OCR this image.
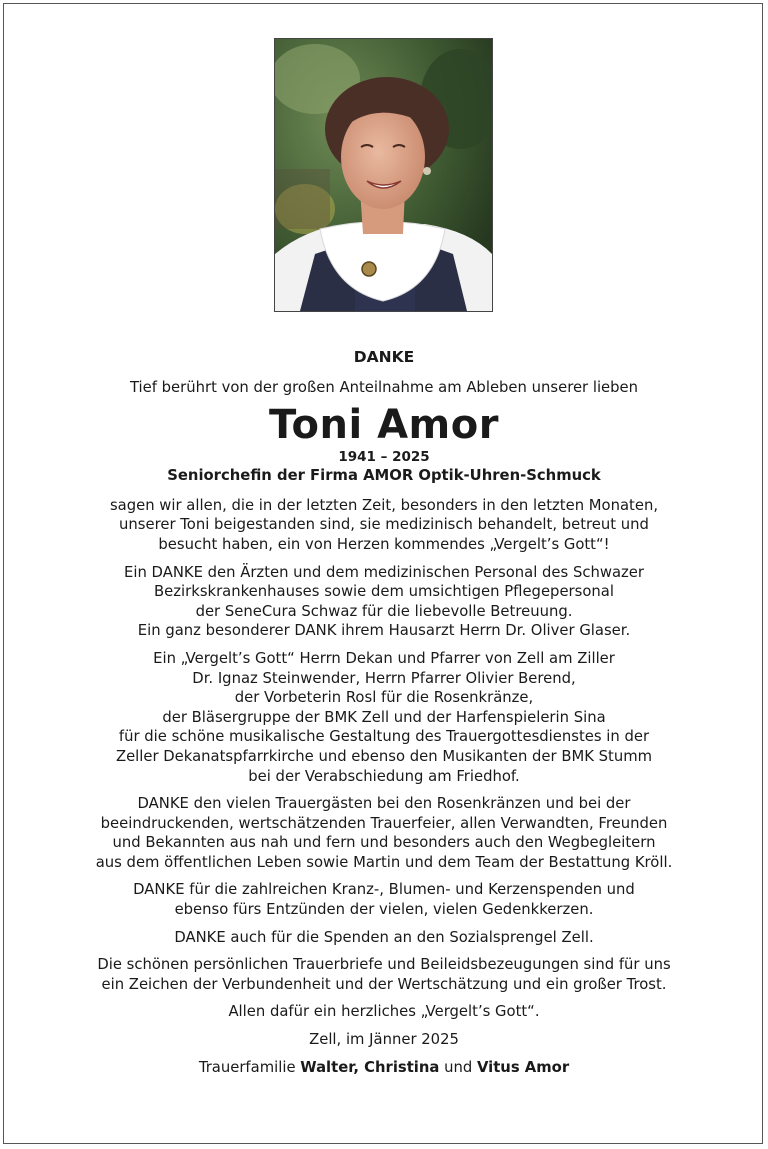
DANKE

Tief berührt von der großen Anteilnahme am Ableben unserer lieben

Toni Amor

1941 – 2025

Seniorchefin der Firma AMOR Optik-Uhren-Schmuck

sagen wir allen, die in der letzten Zeit, besonders in den letzten Monaten,
unserer Toni beigestanden sind, sie medizinisch behandelt, betreut und
besucht haben, ein von Herzen kommendes „Vergelt’s Gott“!

Ein DANKE den Ärzten und dem medizinischen Personal des Schwazer
Bezirkskrankenhauses sowie dem umsichtigen Pflegepersonal
der SeneCura Schwaz für die liebevolle Betreuung.
Ein ganz besonderer DANK ihrem Hausarzt Herrn Dr. Oliver Glaser.

Ein „Vergelt’s Gott“ Herrn Dekan und Pfarrer von Zell am Ziller
Dr. Ignaz Steinwender, Herrn Pfarrer Olivier Berend,
der Vorbeterin Rosl für die Rosenkränze,
der Bläsergruppe der BMK Zell und der Harfenspielerin Sina
für die schöne musikalische Gestaltung des Trauergottesdienstes in der
Zeller Dekanatspfarrkirche und ebenso den Musikanten der BMK Stumm
bei der Verabschiedung am Friedhof.

DANKE den vielen Trauergästen bei den Rosenkränzen und bei der
beeindruckenden, wertschätzenden Trauerfeier, allen Verwandten, Freunden
und Bekannten aus nah und fern und besonders auch den Wegbegleitern
aus dem öffentlichen Leben sowie Martin und dem Team der Bestattung Kröll.

DANKE für die zahlreichen Kranz-, Blumen- und Kerzenspenden und
ebenso fürs Entzünden der vielen, vielen Gedenkkerzen.

DANKE auch für die Spenden an den Sozialsprengel Zell.

Die schönen persönlichen Trauerbriefe und Beileidsbezeugungen sind für uns
ein Zeichen der Verbundenheit und der Wertschätzung und ein großer Trost.

Allen dafür ein herzliches „Vergelt’s Gott“.

Zell, im Jänner 2025

Trauerfamilie Walter, Christina und Vitus Amor
